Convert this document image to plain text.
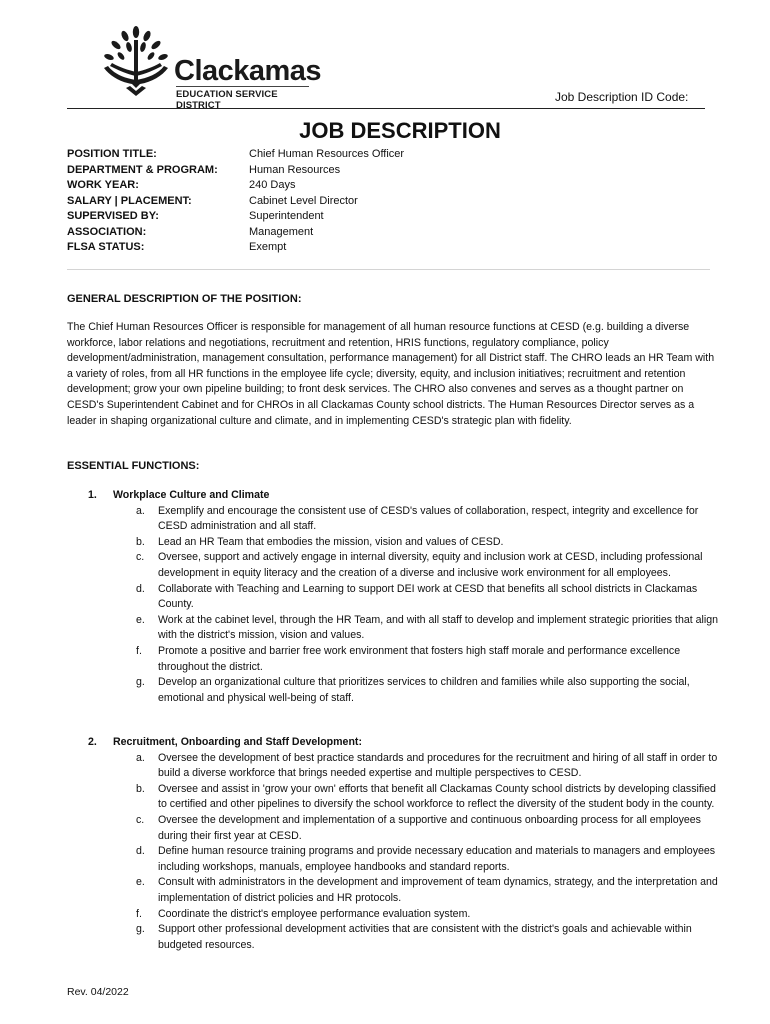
Clackamas
EDUCATION SERVICE DISTRICT
Job Description ID Code:
JOB DESCRIPTION
POSITION TITLE:	Chief Human Resources Officer
DEPARTMENT & PROGRAM:	Human Resources
WORK YEAR:	240 Days
SALARY | PLACEMENT:	Cabinet Level Director
SUPERVISED BY:	Superintendent
ASSOCIATION:	Management
FLSA STATUS:	Exempt
GENERAL DESCRIPTION OF THE POSITION:
The Chief Human Resources Officer is responsible for management of all human resource functions at CESD (e.g. building a diverse workforce, labor relations and negotiations, recruitment and retention, HRIS functions, regulatory compliance, policy development/administration, management consultation, performance management) for all District staff. The CHRO leads an HR Team with a variety of roles, from all HR functions in the employee life cycle; diversity, equity, and inclusion initiatives; recruitment and retention development; grow your own pipeline building; to front desk services. The CHRO also convenes and serves as a thought partner on CESD's Superintendent Cabinet and for CHROs in all Clackamas County school districts. The Human Resources Director serves as a leader in shaping organizational culture and climate, and in implementing CESD's strategic plan with fidelity.
ESSENTIAL FUNCTIONS:
1. Workplace Culture and Climate
a. Exemplify and encourage the consistent use of CESD's values of collaboration, respect, integrity and excellence for CESD administration and all staff.
b. Lead an HR Team that embodies the mission, vision and values of CESD.
c. Oversee, support and actively engage in internal diversity, equity and inclusion work at CESD, including professional development in equity literacy and the creation of a diverse and inclusive work environment for all employees.
d. Collaborate with Teaching and Learning to support DEI work at CESD that benefits all school districts in Clackamas County.
e. Work at the cabinet level, through the HR Team, and with all staff to develop and implement strategic priorities that align with the district's mission, vision and values.
f. Promote a positive and barrier free work environment that fosters high staff morale and performance excellence throughout the district.
g. Develop an organizational culture that prioritizes services to children and families while also supporting the social, emotional and physical well-being of staff.
2. Recruitment, Onboarding and Staff Development:
a. Oversee the development of best practice standards and procedures for the recruitment and hiring of all staff in order to build a diverse workforce that brings needed expertise and multiple perspectives to CESD.
b. Oversee and assist in 'grow your own' efforts that benefit all Clackamas County school districts by developing classified to certified and other pipelines to diversify the school workforce to reflect the diversity of the student body in the county.
c. Oversee the development and implementation of a supportive and continuous onboarding process for all employees during their first year at CESD.
d. Define human resource training programs and provide necessary education and materials to managers and employees including workshops, manuals, employee handbooks and standard reports.
e. Consult with administrators in the development and improvement of team dynamics, strategy, and the interpretation and implementation of district policies and HR protocols.
f. Coordinate the district's employee performance evaluation system.
g. Support other professional development activities that are consistent with the district's goals and achievable within budgeted resources.
Rev. 04/2022
